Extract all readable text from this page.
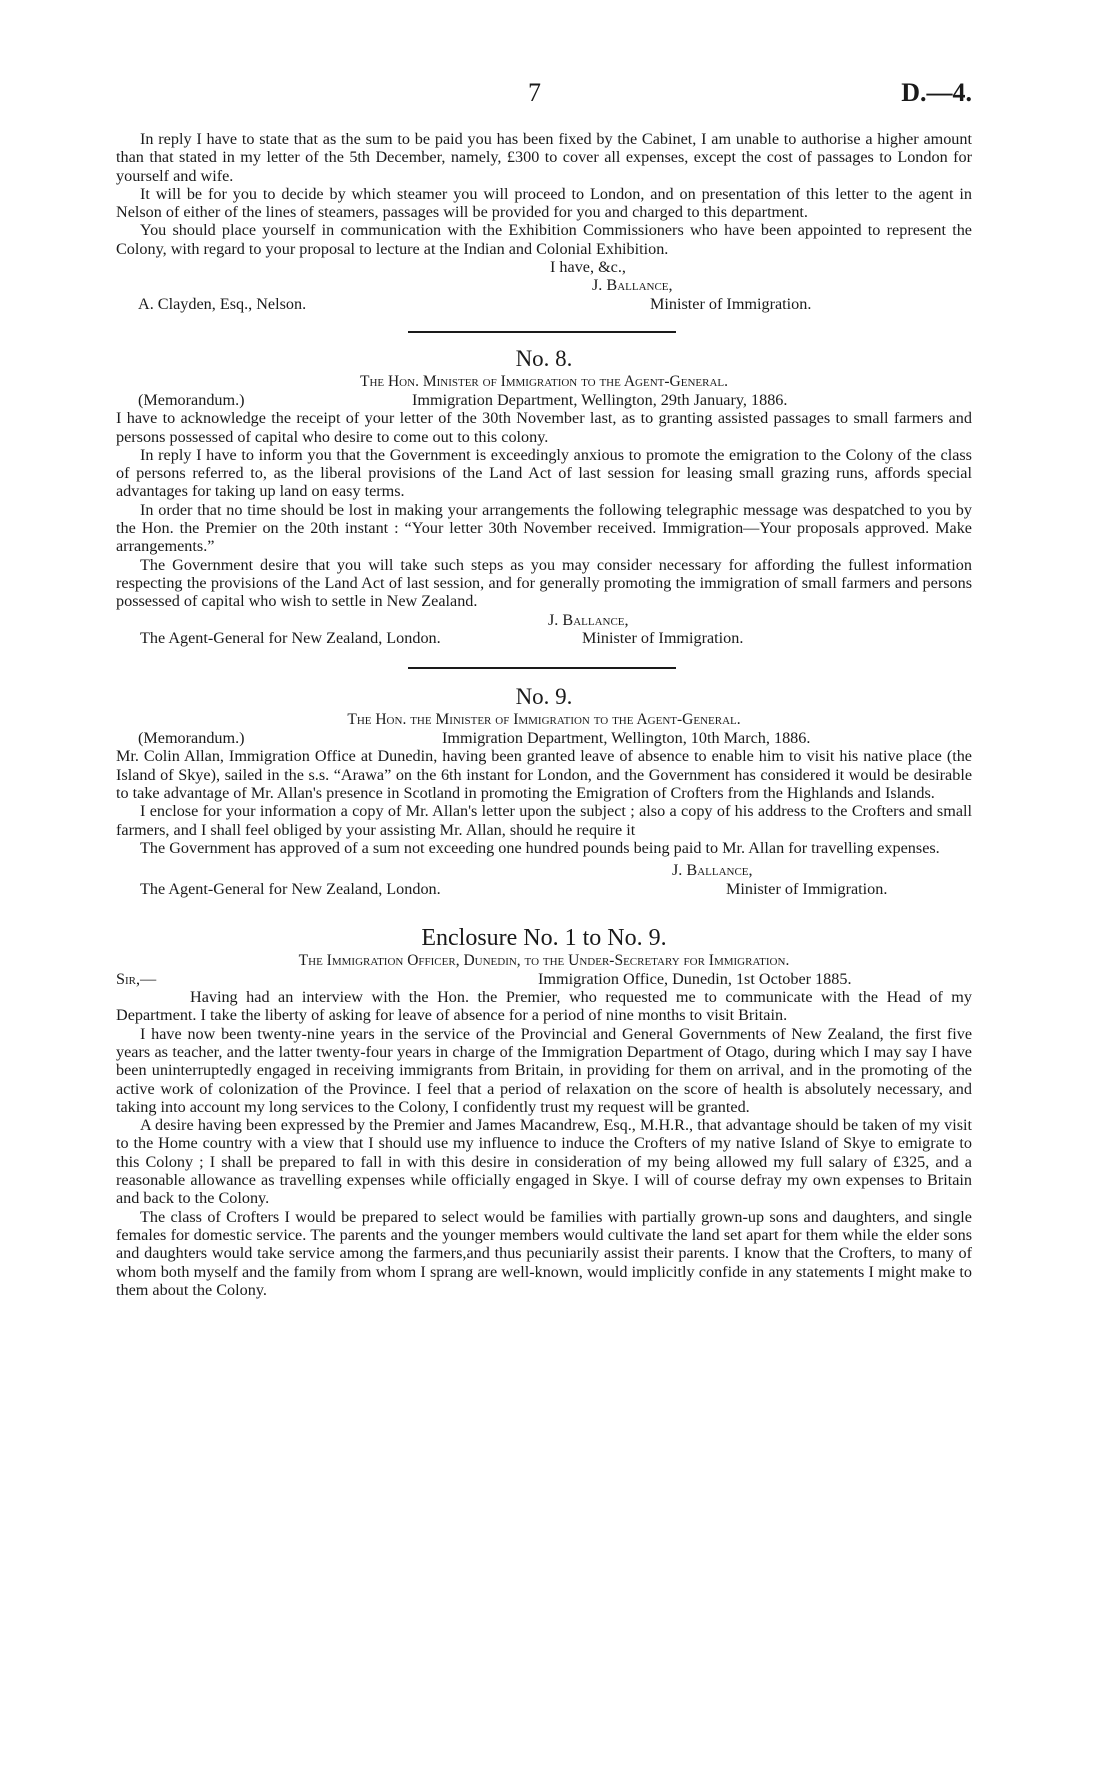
7	D.—4.

In reply I have to state that as the sum to be paid you has been fixed by the Cabinet, I am unable to authorise a higher amount than that stated in my letter of the 5th December, namely, £300 to cover all expenses, except the cost of passages to London for yourself and wife.

It will be for you to decide by which steamer you will proceed to London, and on presentation of this letter to the agent in Nelson of either of the lines of steamers, passages will be provided for you and charged to this department.

You should place yourself in communication with the Exhibition Commissioners who have been appointed to represent the Colony, with regard to your proposal to lecture at the Indian and Colonial Exhibition.

I have, &c.,
J. Ballance,
A. Clayden, Esq., Nelson.	Minister of Immigration.
No. 8.
The Hon. Minister of Immigration to the Agent-General.
(Memorandum.)	Immigration Department, Wellington, 29th January, 1886.

I have to acknowledge the receipt of your letter of the 30th November last, as to granting assisted passages to small farmers and persons possessed of capital who desire to come out to this colony.

In reply I have to inform you that the Government is exceedingly anxious to promote the emigration to the Colony of the class of persons referred to, as the liberal provisions of the Land Act of last session for leasing small grazing runs, affords special advantages for taking up land on easy terms.

In order that no time should be lost in making your arrangements the following telegraphic message was despatched to you by the Hon. the Premier on the 20th instant : “Your letter 30th November received. Immigration—Your proposals approved. Make arrangements.”

The Government desire that you will take such steps as you may consider necessary for affording the fullest information respecting the provisions of the Land Act of last session, and for generally promoting the immigration of small farmers and persons possessed of capital who wish to settle in New Zealand.

J. Ballance,
The Agent-General for New Zealand, London.	Minister of Immigration.
No. 9.
The Hon. the Minister of Immigration to the Agent-General.
(Memorandum.)	Immigration Department, Wellington, 10th March, 1886.

Mr. Colin Allan, Immigration Office at Dunedin, having been granted leave of absence to enable him to visit his native place (the Island of Skye), sailed in the s.s. “Arawa” on the 6th instant for London, and the Government has considered it would be desirable to take advantage of Mr. Allan's presence in Scotland in promoting the Emigration of Crofters from the Highlands and Islands.

I enclose for your information a copy of Mr. Allan's letter upon the subject ; also a copy of his address to the Crofters and small farmers, and I shall feel obliged by your assisting Mr. Allan, should he require it

The Government has approved of a sum not exceeding one hundred pounds being paid to Mr. Allan for travelling expenses.

J. Ballance,
The Agent-General for New Zealand, London.	Minister of Immigration.
Enclosure No. 1 to No. 9.
The Immigration Officer, Dunedin, to the Under-Secretary for Immigration.
Sir,—	Immigration Office, Dunedin, 1st October 1885.

Having had an interview with the Hon. the Premier, who requested me to communicate with the Head of my Department. I take the liberty of asking for leave of absence for a period of nine months to visit Britain.

I have now been twenty-nine years in the service of the Provincial and General Governments of New Zealand, the first five years as teacher, and the latter twenty-four years in charge of the Immigration Department of Otago, during which I may say I have been uninterruptedly engaged in receiving immigrants from Britain, in providing for them on arrival, and in the promoting of the active work of colonization of the Province. I feel that a period of relaxation on the score of health is absolutely necessary, and taking into account my long services to the Colony, I confidently trust my request will be granted.

A desire having been expressed by the Premier and James Macandrew, Esq., M.H.R., that advantage should be taken of my visit to the Home country with a view that I should use my influence to induce the Crofters of my native Island of Skye to emigrate to this Colony ; I shall be prepared to fall in with this desire in consideration of my being allowed my full salary of £325, and a reasonable allowance as travelling expenses while officially engaged in Skye. I will of course defray my own expenses to Britain and back to the Colony.

The class of Crofters I would be prepared to select would be families with partially grown-up sons and daughters, and single females for domestic service. The parents and the younger members would cultivate the land set apart for them while the elder sons and daughters would take service among the farmers,and thus pecuniarily assist their parents. I know that the Crofters, to many of whom both myself and the family from whom I sprang are well-known, would implicitly confide in any statements I might make to them about the Colony.
